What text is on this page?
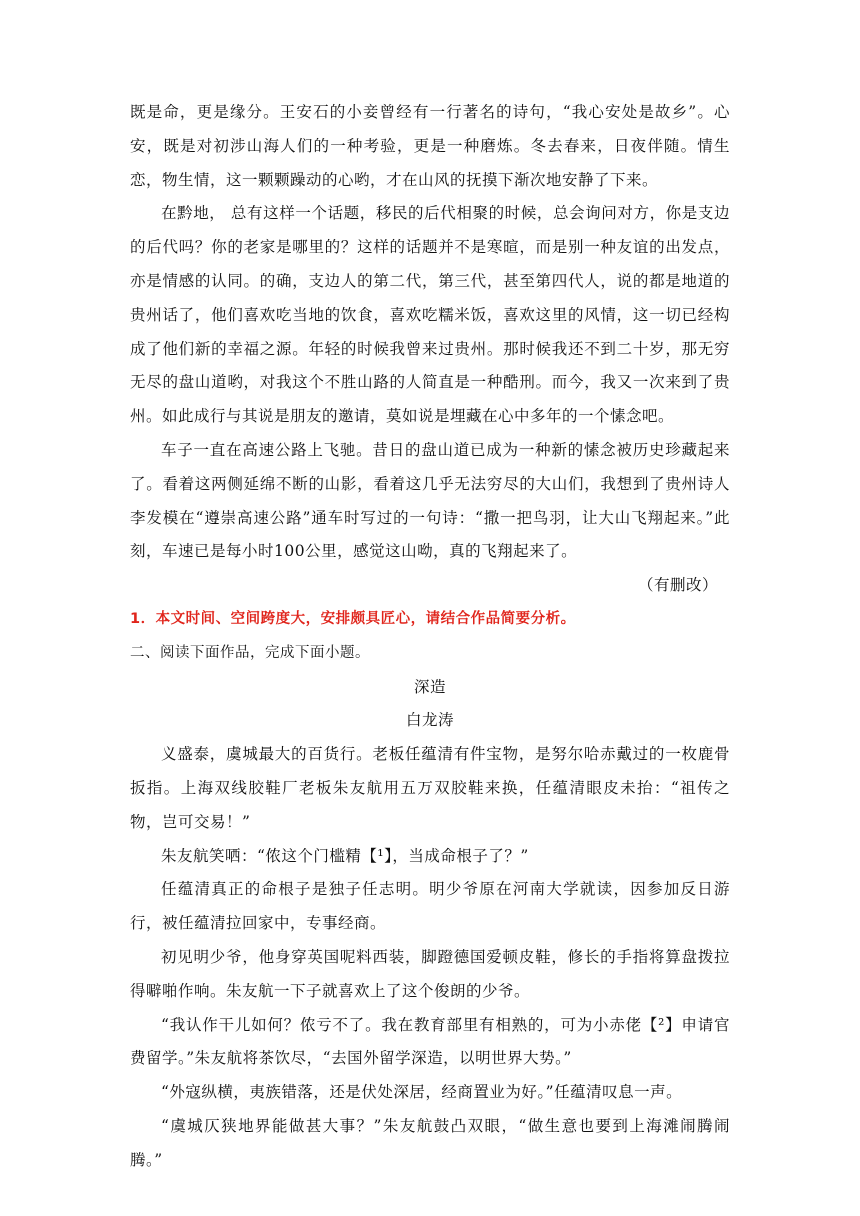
既是命，更是缘分。王安石的小妾曾经有一行著名的诗句，“我心安处是故乡”。心安，既是对初涉山海人们的一种考验，更是一种磨炼。冬去春来，日夜伴随。情生恋，物生情，这一颗颗躁动的心哟，才在山风的抚摸下渐次地安静了下来。

在黔地， 总有这样一个话题，移民的后代相聚的时候，总会询问对方，你是支边的后代吗？你的老家是哪里的？这样的话题并不是寒暄，而是别一种友谊的出发点，亦是情感的认同。的确，支边人的第二代，第三代，甚至第四代人，说的都是地道的贵州话了，他们喜欢吃当地的饮食，喜欢吃糯米饭，喜欢这里的风情，这一切已经构成了他们新的幸福之源。年轻的时候我曾来过贵州。那时候我还不到二十岁，那无穷无尽的盘山道哟，对我这个不胜山路的人简直是一种酷刑。而今，我又一次来到了贵州。如此成行与其说是朋友的邀请，莫如说是埋藏在心中多年的一个愫念吧。

车子一直在高速公路上飞驰。昔日的盘山道已成为一种新的愫念被历史珍藏起来了。看着这两侧延绵不断的山影，看着这几乎无法穷尽的大山们，我想到了贵州诗人李发模在“遵崇高速公路”通车时写过的一句诗：“撒一把鸟羽，让大山飞翔起来。”此刻，车速已是每小时100公里，感觉这山呦，真的飞翔起来了。

（有删改）

1．本文时间、空间跨度大，安排颇具匠心，请结合作品简要分析。

二、阅读下面作品，完成下面小题。

深造

白龙涛

义盛泰，虞城最大的百货行。老板任蕴清有件宝物，是努尔哈赤戴过的一枚鹿骨扳指。上海双线胶鞋厂老板朱友航用五万双胶鞋来换，任蕴清眼皮未抬：“祖传之物，岂可交易！”

朱友航笑哂：“侬这个门槛精【¹】，当成命根子了？”

任蕴清真正的命根子是独子任志明。明少爷原在河南大学就读，因参加反日游行，被任蕴清拉回家中，专事经商。

初见明少爷，他身穿英国呢料西装，脚蹬德国爱顿皮鞋，修长的手指将算盘拨拉得噼啪作响。朱友航一下子就喜欢上了这个俊朗的少爷。

“我认作干儿如何？侬亏不了。我在教育部里有相熟的，可为小赤佬【²】申请官费留学。”朱友航将茶饮尽，“去国外留学深造，以明世界大势。”

“外寇纵横，夷族错落，还是伏处深居，经商置业为好。”任蕴清叹息一声。

“虞城仄狭地界能做甚大事？”朱友航鼓凸双眼，“做生意也要到上海滩闹腾闹腾。”
